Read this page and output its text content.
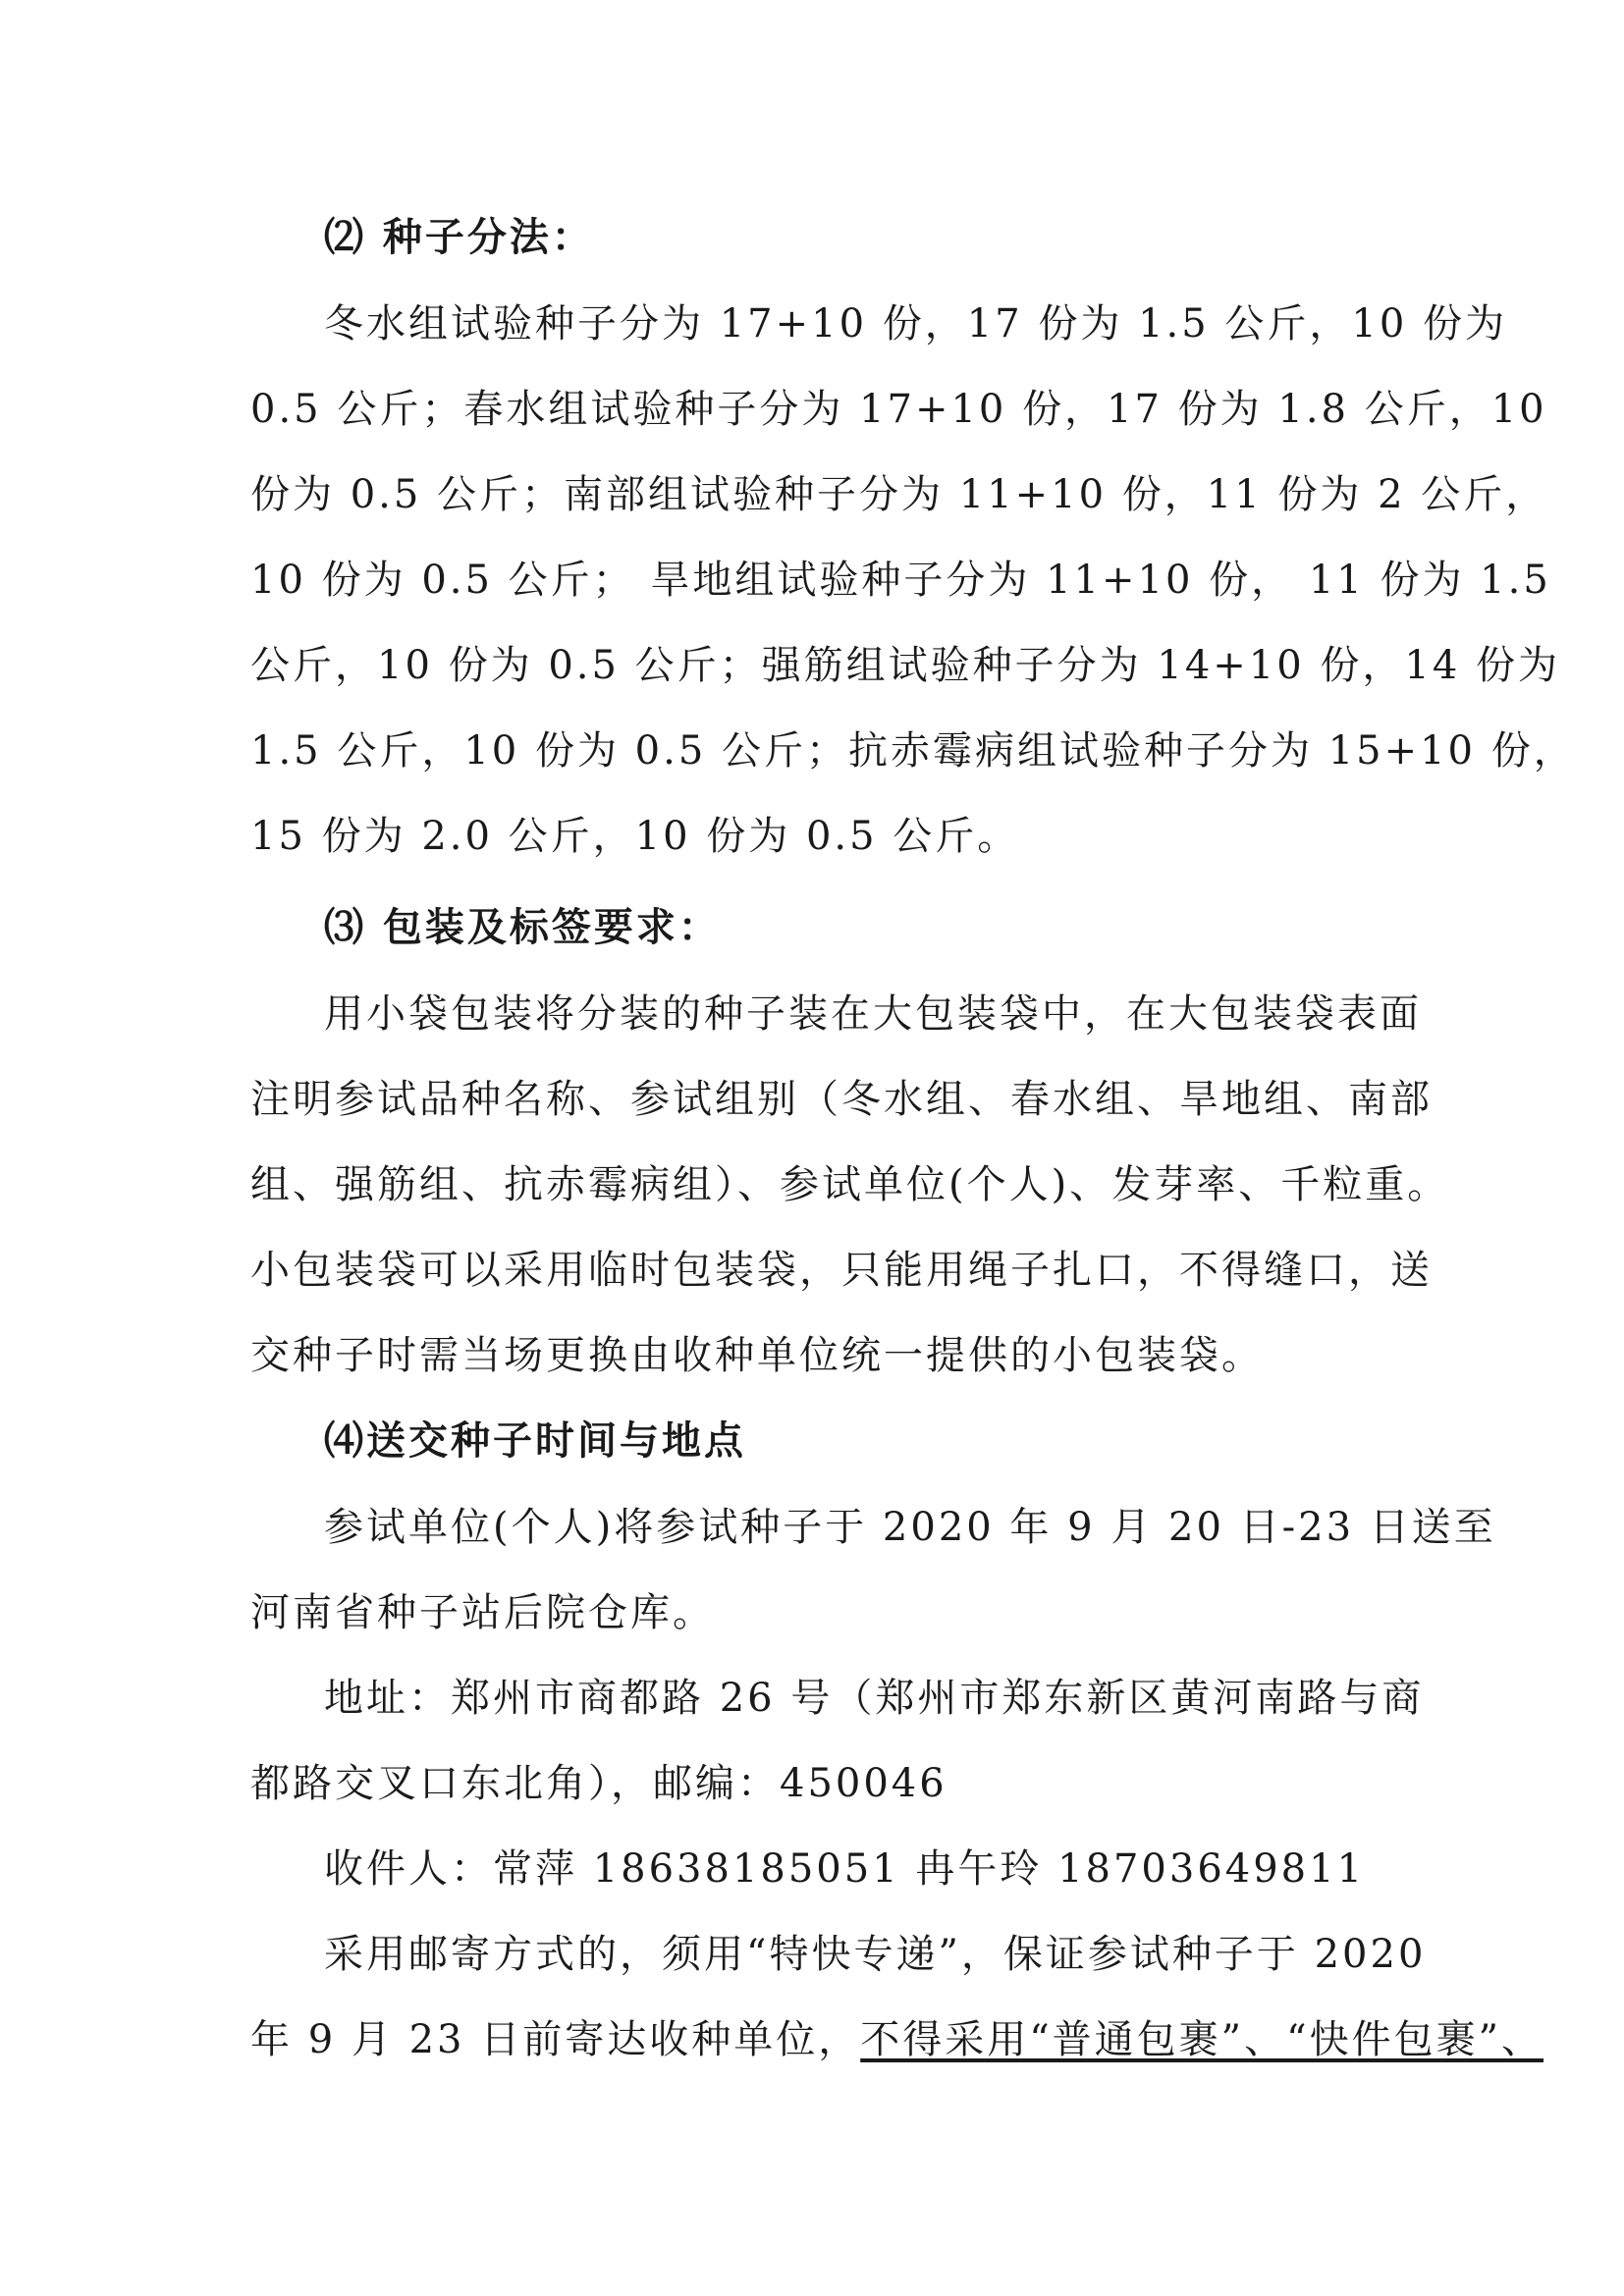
⑵ 种子分法：
冬水组试验种子分为 17+10 份，17 份为 1.5 公斤，10 份为
0.5 公斤；春水组试验种子分为 17+10 份，17 份为 1.8 公斤，10
份为 0.5 公斤；南部组试验种子分为 11+10 份，11 份为 2 公斤，
10 份为 0.5 公斤； 旱地组试验种子分为 11+10 份， 11 份为 1.5
公斤，10 份为 0.5 公斤；强筋组试验种子分为 14+10 份，14 份为
1.5 公斤，10 份为 0.5 公斤；抗赤霉病组试验种子分为 15+10 份，
15 份为 2.0 公斤，10 份为 0.5 公斤。
⑶ 包装及标签要求：
用小袋包装将分装的种子装在大包装袋中，在大包装袋表面
注明参试品种名称、参试组别（冬水组、春水组、旱地组、南部
组、强筋组、抗赤霉病组）、参试单位(个人)、发芽率、千粒重。
小包装袋可以采用临时包装袋，只能用绳子扎口，不得缝口，送
交种子时需当场更换由收种单位统一提供的小包装袋。
⑷送交种子时间与地点
参试单位(个人)将参试种子于 2020 年 9 月 20 日-23 日送至
河南省种子站后院仓库。
地址：郑州市商都路 26 号（郑州市郑东新区黄河南路与商
都路交叉口东北角），邮编：450046
收件人：常萍 18638185051 冉午玲 18703649811
采用邮寄方式的，须用“特快专递”，保证参试种子于 2020
年 9 月 23 日前寄达收种单位，不得采用“普通包裹”、“快件包裹”、
